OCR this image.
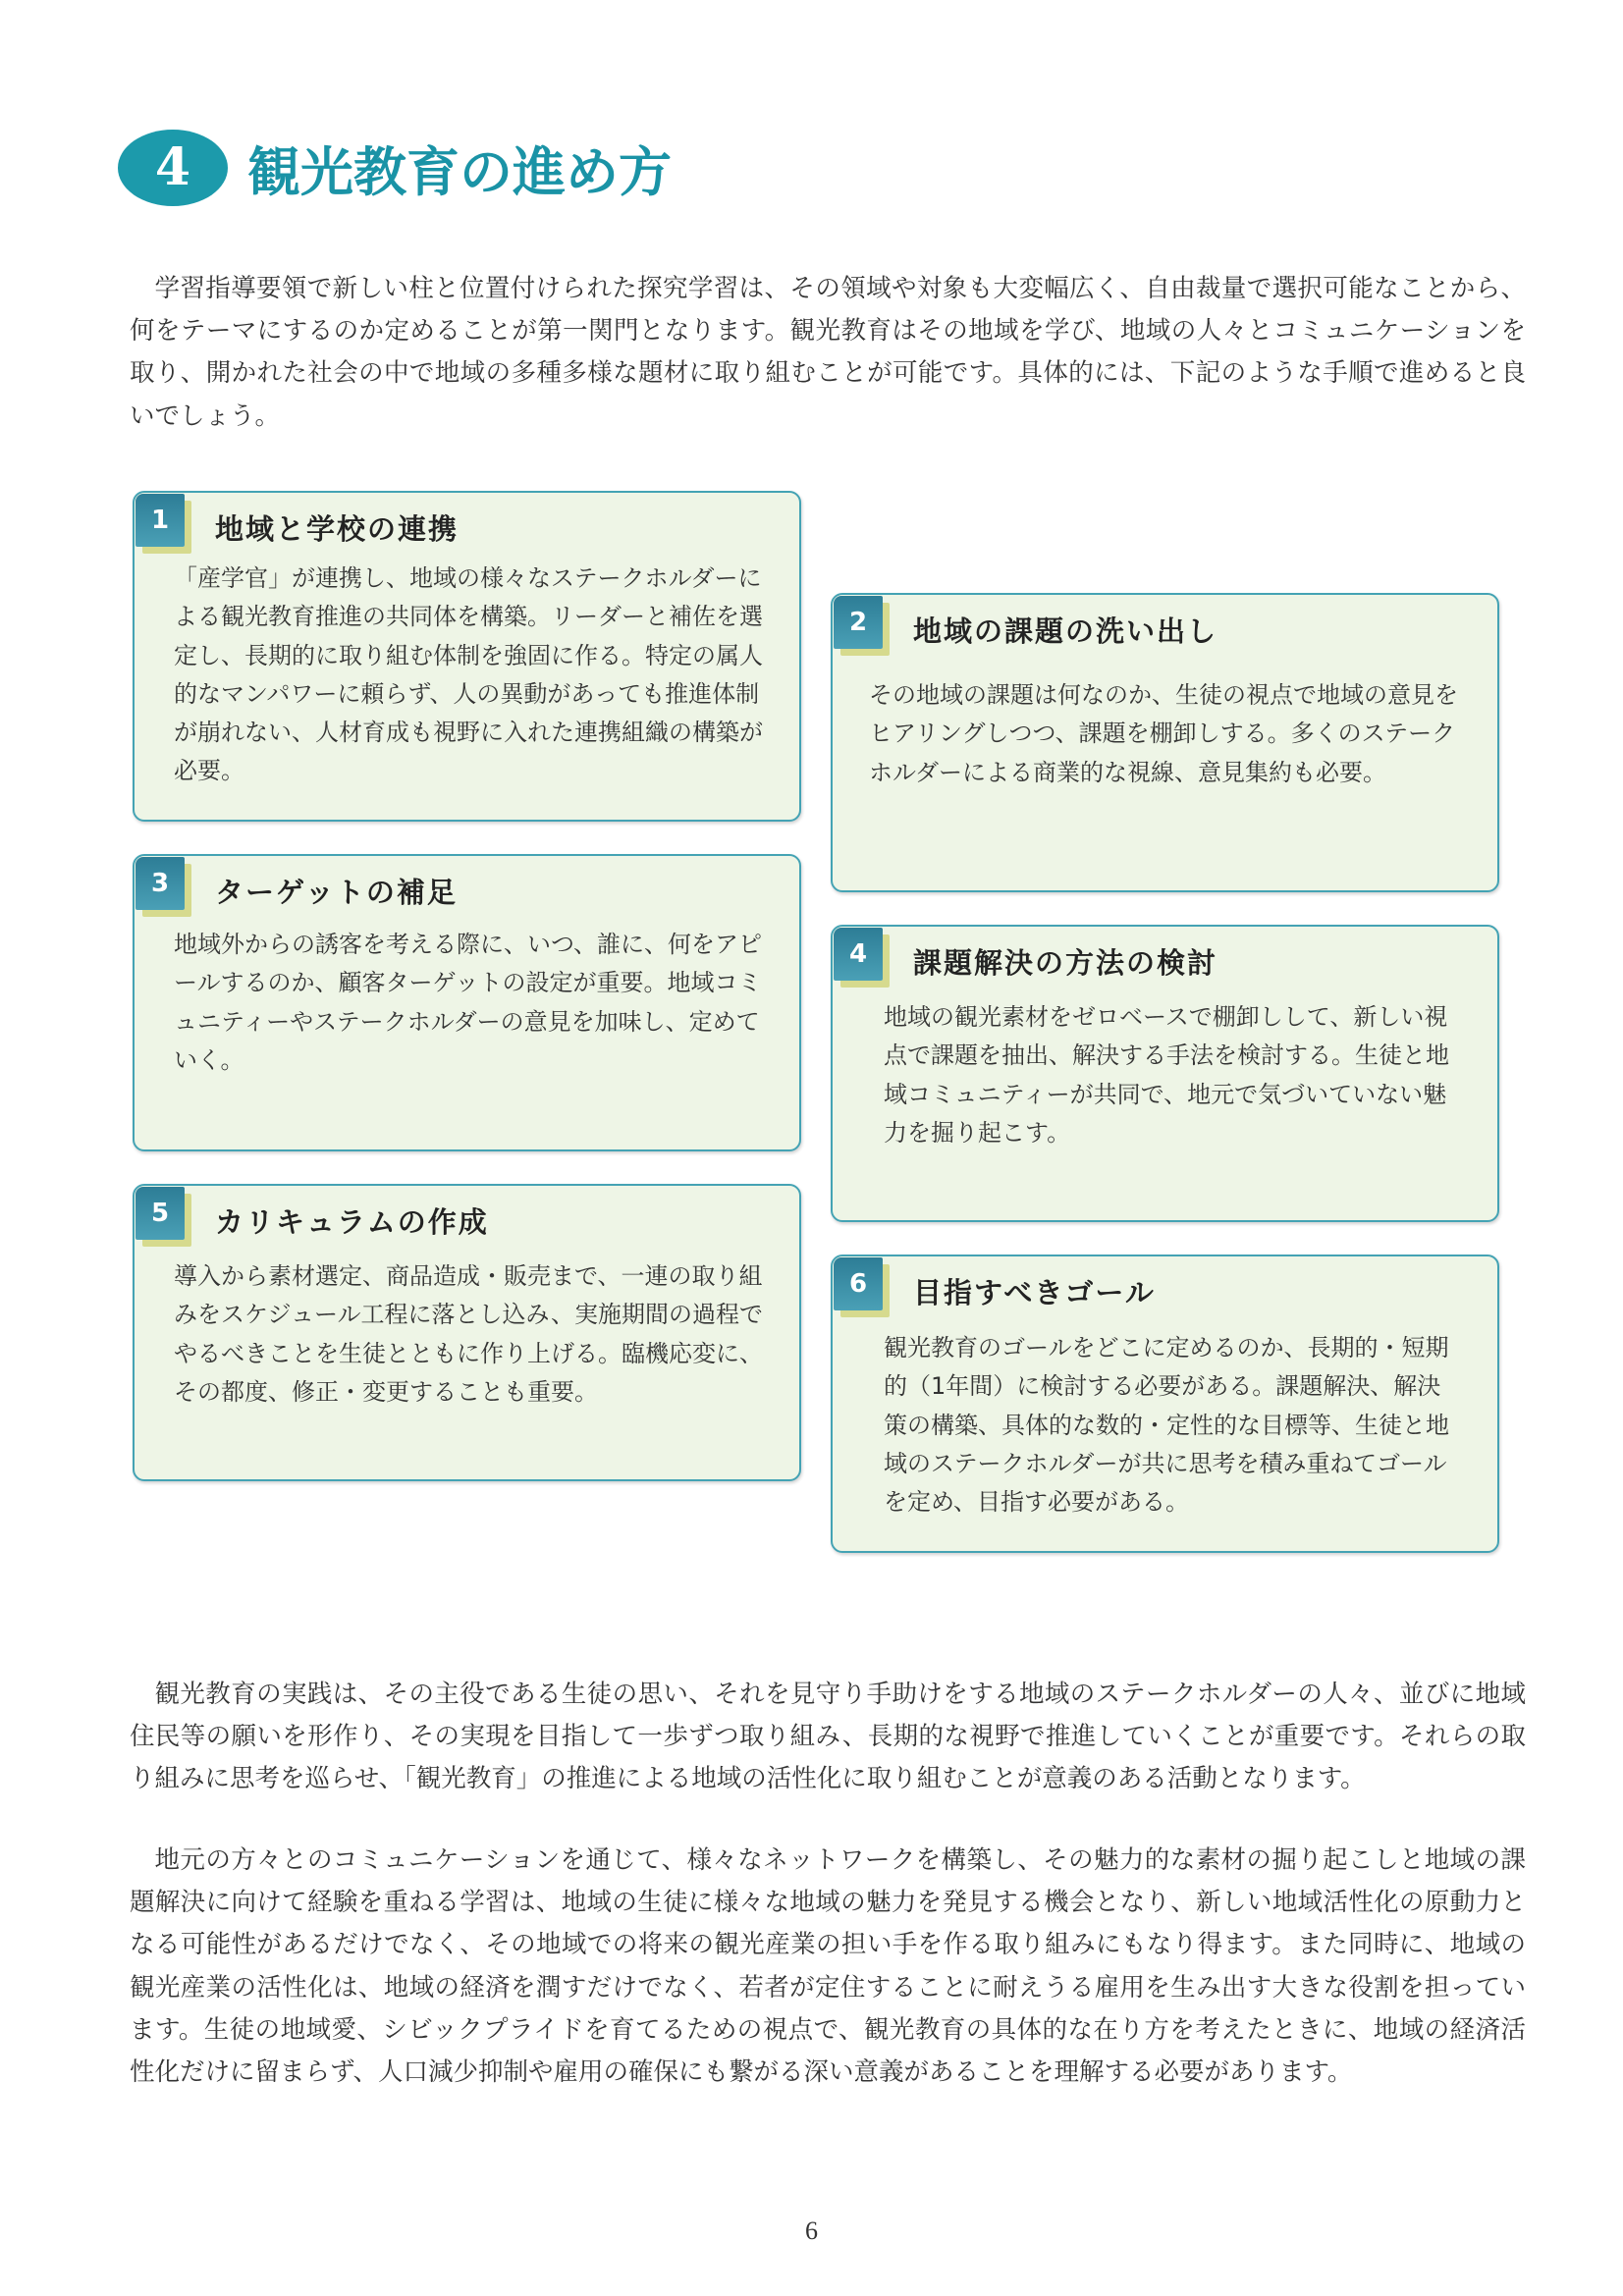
4	観光教育の進め方

学習指導要領で新しい柱と位置付けられた探究学習は、その領域や対象も大変幅広く、自由裁量で選択可能なことから、何をテーマにするのか定めることが第一関門となります。観光教育はその地域を学び、地域の人々とコミュニケーションを取り、開かれた社会の中で地域の多種多様な題材に取り組むことが可能です。具体的には、下記のような手順で進めると良いでしょう。

1	地域と学校の連携

「産学官」が連携し、地域の様々なステークホルダーによる観光教育推進の共同体を構築。リーダーと補佐を選定し、長期的に取り組む体制を強固に作る。特定の属人的なマンパワーに頼らず、人の異動があっても推進体制が崩れない、人材育成も視野に入れた連携組織の構築が必要。

2	地域の課題の洗い出し

その地域の課題は何なのか、生徒の視点で地域の意見をヒアリングしつつ、課題を棚卸しする。多くのステークホルダーによる商業的な視線、意見集約も必要。

3	ターゲットの補足

地域外からの誘客を考える際に、いつ、誰に、何をアピールするのか、顧客ターゲットの設定が重要。地域コミュニティーやステークホルダーの意見を加味し、定めていく。

4	課題解決の方法の検討

地域の観光素材をゼロベースで棚卸しして、新しい視点で課題を抽出、解決する手法を検討する。生徒と地域コミュニティーが共同で、地元で気づいていない魅力を掘り起こす。

5	カリキュラムの作成

導入から素材選定、商品造成・販売まで、一連の取り組みをスケジュール工程に落とし込み、実施期間の過程でやるべきことを生徒とともに作り上げる。臨機応変に、その都度、修正・変更することも重要。

6	目指すべきゴール

観光教育のゴールをどこに定めるのか、長期的・短期的（1年間）に検討する必要がある。課題解決、解決策の構築、具体的な数的・定性的な目標等、生徒と地域のステークホルダーが共に思考を積み重ねてゴールを定め、目指す必要がある。

観光教育の実践は、その主役である生徒の思い、それを見守り手助けをする地域のステークホルダーの人々、並びに地域住民等の願いを形作り、その実現を目指して一歩ずつ取り組み、長期的な視野で推進していくことが重要です。それらの取り組みに思考を巡らせ、「観光教育」の推進による地域の活性化に取り組むことが意義のある活動となります。

地元の方々とのコミュニケーションを通じて、様々なネットワークを構築し、その魅力的な素材の掘り起こしと地域の課題解決に向けて経験を重ねる学習は、地域の生徒に様々な地域の魅力を発見する機会となり、新しい地域活性化の原動力となる可能性があるだけでなく、その地域での将来の観光産業の担い手を作る取り組みにもなり得ます。また同時に、地域の観光産業の活性化は、地域の経済を潤すだけでなく、若者が定住することに耐えうる雇用を生み出す大きな役割を担っています。生徒の地域愛、シビックプライドを育てるための視点で、観光教育の具体的な在り方を考えたときに、地域の経済活性化だけに留まらず、人口減少抑制や雇用の確保にも繋がる深い意義があることを理解する必要があります。

6
